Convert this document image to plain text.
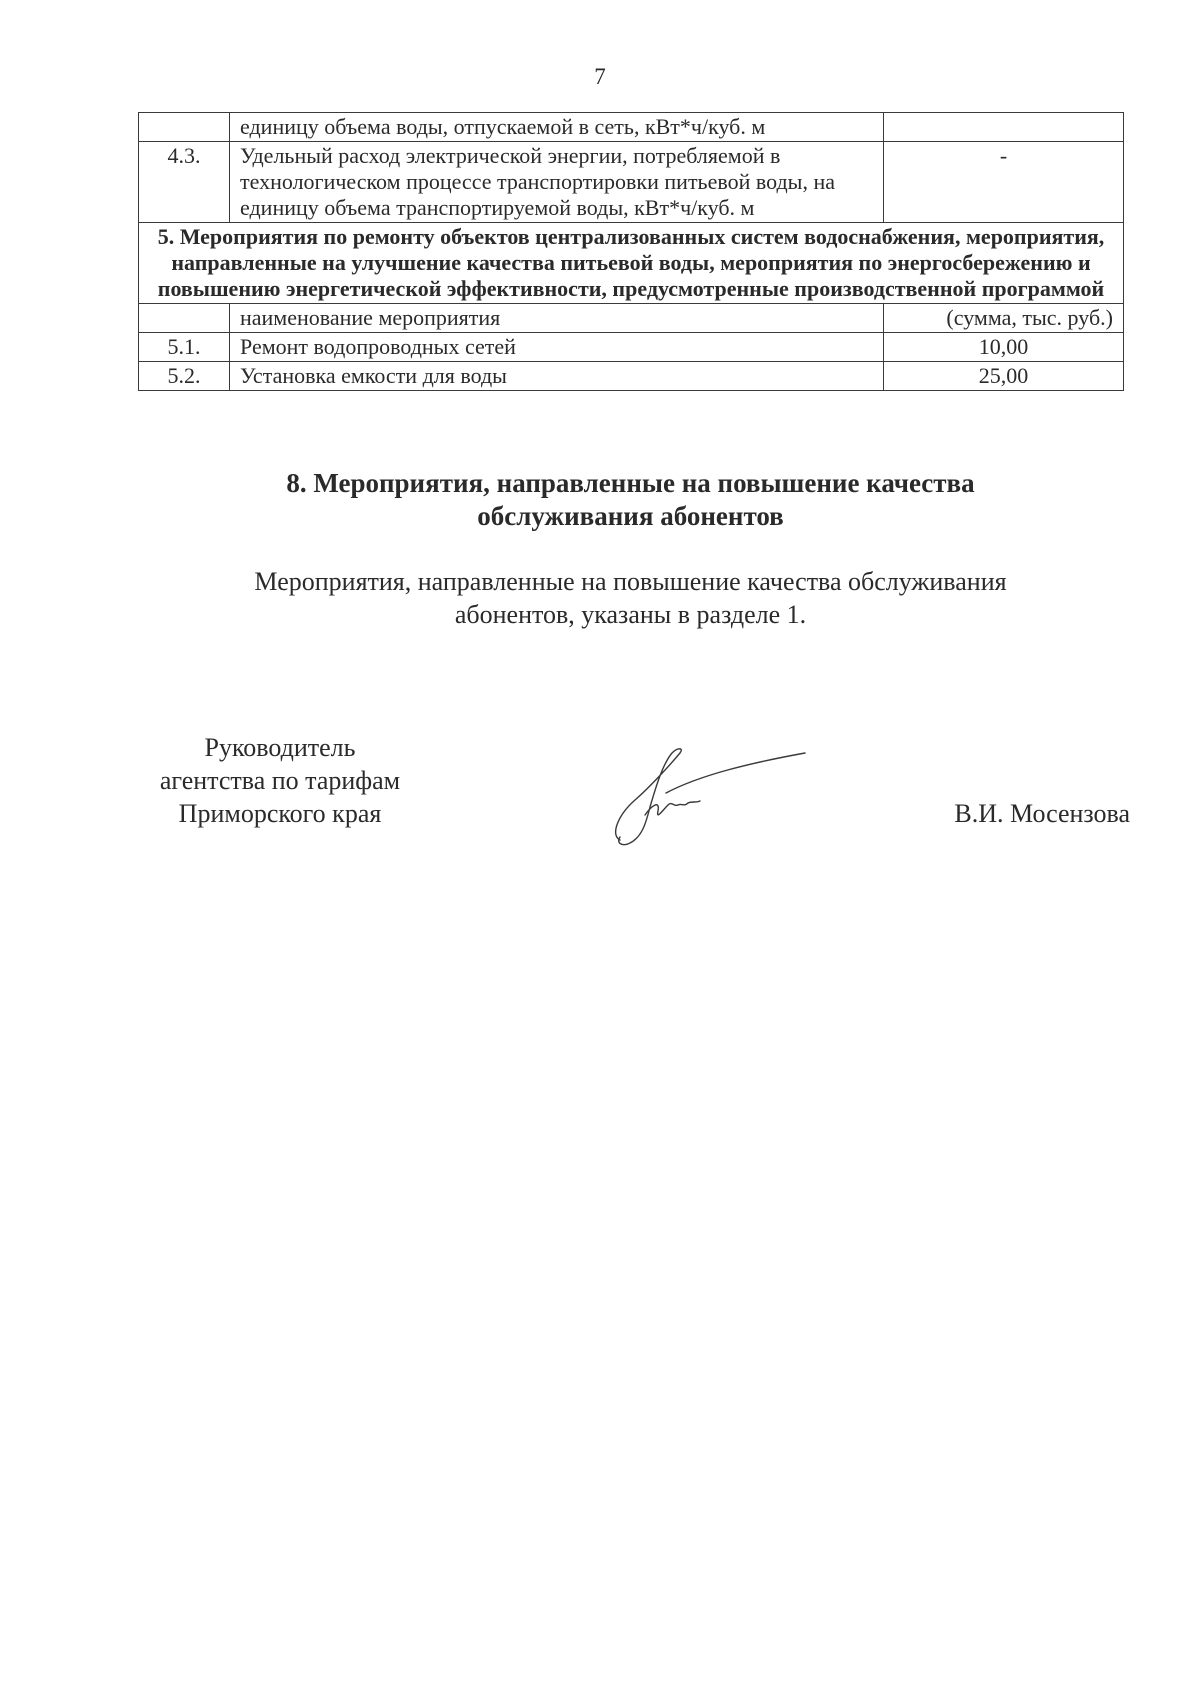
7
	единицу объема воды, отпускаемой в сеть, кВт*ч/куб. м	
4.3.	Удельный расход электрической энергии, потребляемой в технологическом процессе транспортировки питьевой воды, на единицу объема транспортируемой воды, кВт*ч/куб. м	-
5. Мероприятия по ремонту объектов централизованных систем водоснабжения, мероприятия, направленные на улучшение качества питьевой воды, мероприятия по энергосбережению и повышению энергетической эффективности, предусмотренные производственной программой		
	наименование мероприятия	(сумма, тыс. руб.)
5.1.	Ремонт водопроводных сетей	10,00
5.2.	Установка емкости для воды	25,00
8. Мероприятия, направленные на повышение качества
обслуживания абонентов
Мероприятия, направленные на повышение качества обслуживания
абонентов, указаны в разделе 1.
Руководитель
агентства по тарифам
Приморского края	В.И. Мосензова
